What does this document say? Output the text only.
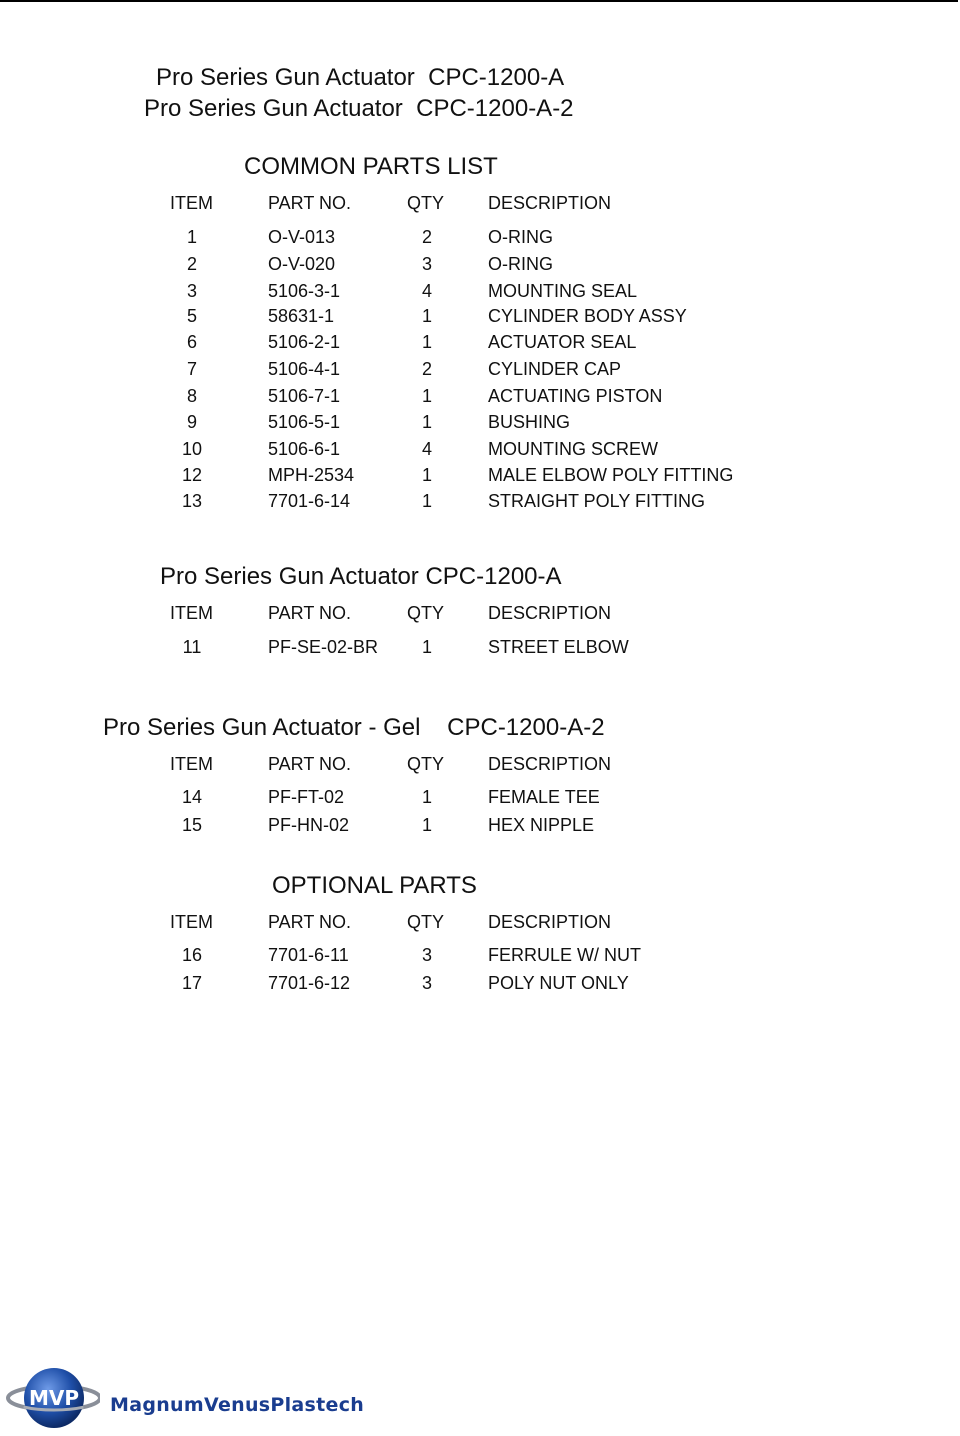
Pro Series Gun Actuator  CPC-1200-A
Pro Series Gun Actuator  CPC-1200-A-2
COMMON PARTS LIST
ITEM	PART NO.	QTY DESCRIPTION
1	O-V-013	2	O-RING
2	O-V-020	3	O-RING
3	5106-3-1	4	MOUNTING SEAL
5	58631-1	1	CYLINDER BODY ASSY
6	5106-2-1	1	ACTUATOR SEAL
7	5106-4-1	2	CYLINDER CAP
8	5106-7-1	1	ACTUATING PISTON
9	5106-5-1	1	BUSHING
10	5106-6-1	4	MOUNTING SCREW
12	MPH-2534	1	MALE ELBOW POLY FITTING
13	7701-6-14	1	STRAIGHT POLY FITTING
Pro Series Gun Actuator CPC-1200-A
ITEM	PART NO.	QTY DESCRIPTION
11	PF-SE-02-BR	1	STREET ELBOW
Pro Series Gun Actuator - Gel    CPC-1200-A-2
ITEM	PART NO.	QTY DESCRIPTION
14	PF-FT-02	1	FEMALE TEE
15	PF-HN-02	1	HEX NIPPLE
OPTIONAL PARTS
ITEM	PART NO.	QTY DESCRIPTION
16	7701-6-11	3	FERRULE W/ NUT
17	7701-6-12	3	POLY NUT ONLY
MVP MagnumVenusPlastech
